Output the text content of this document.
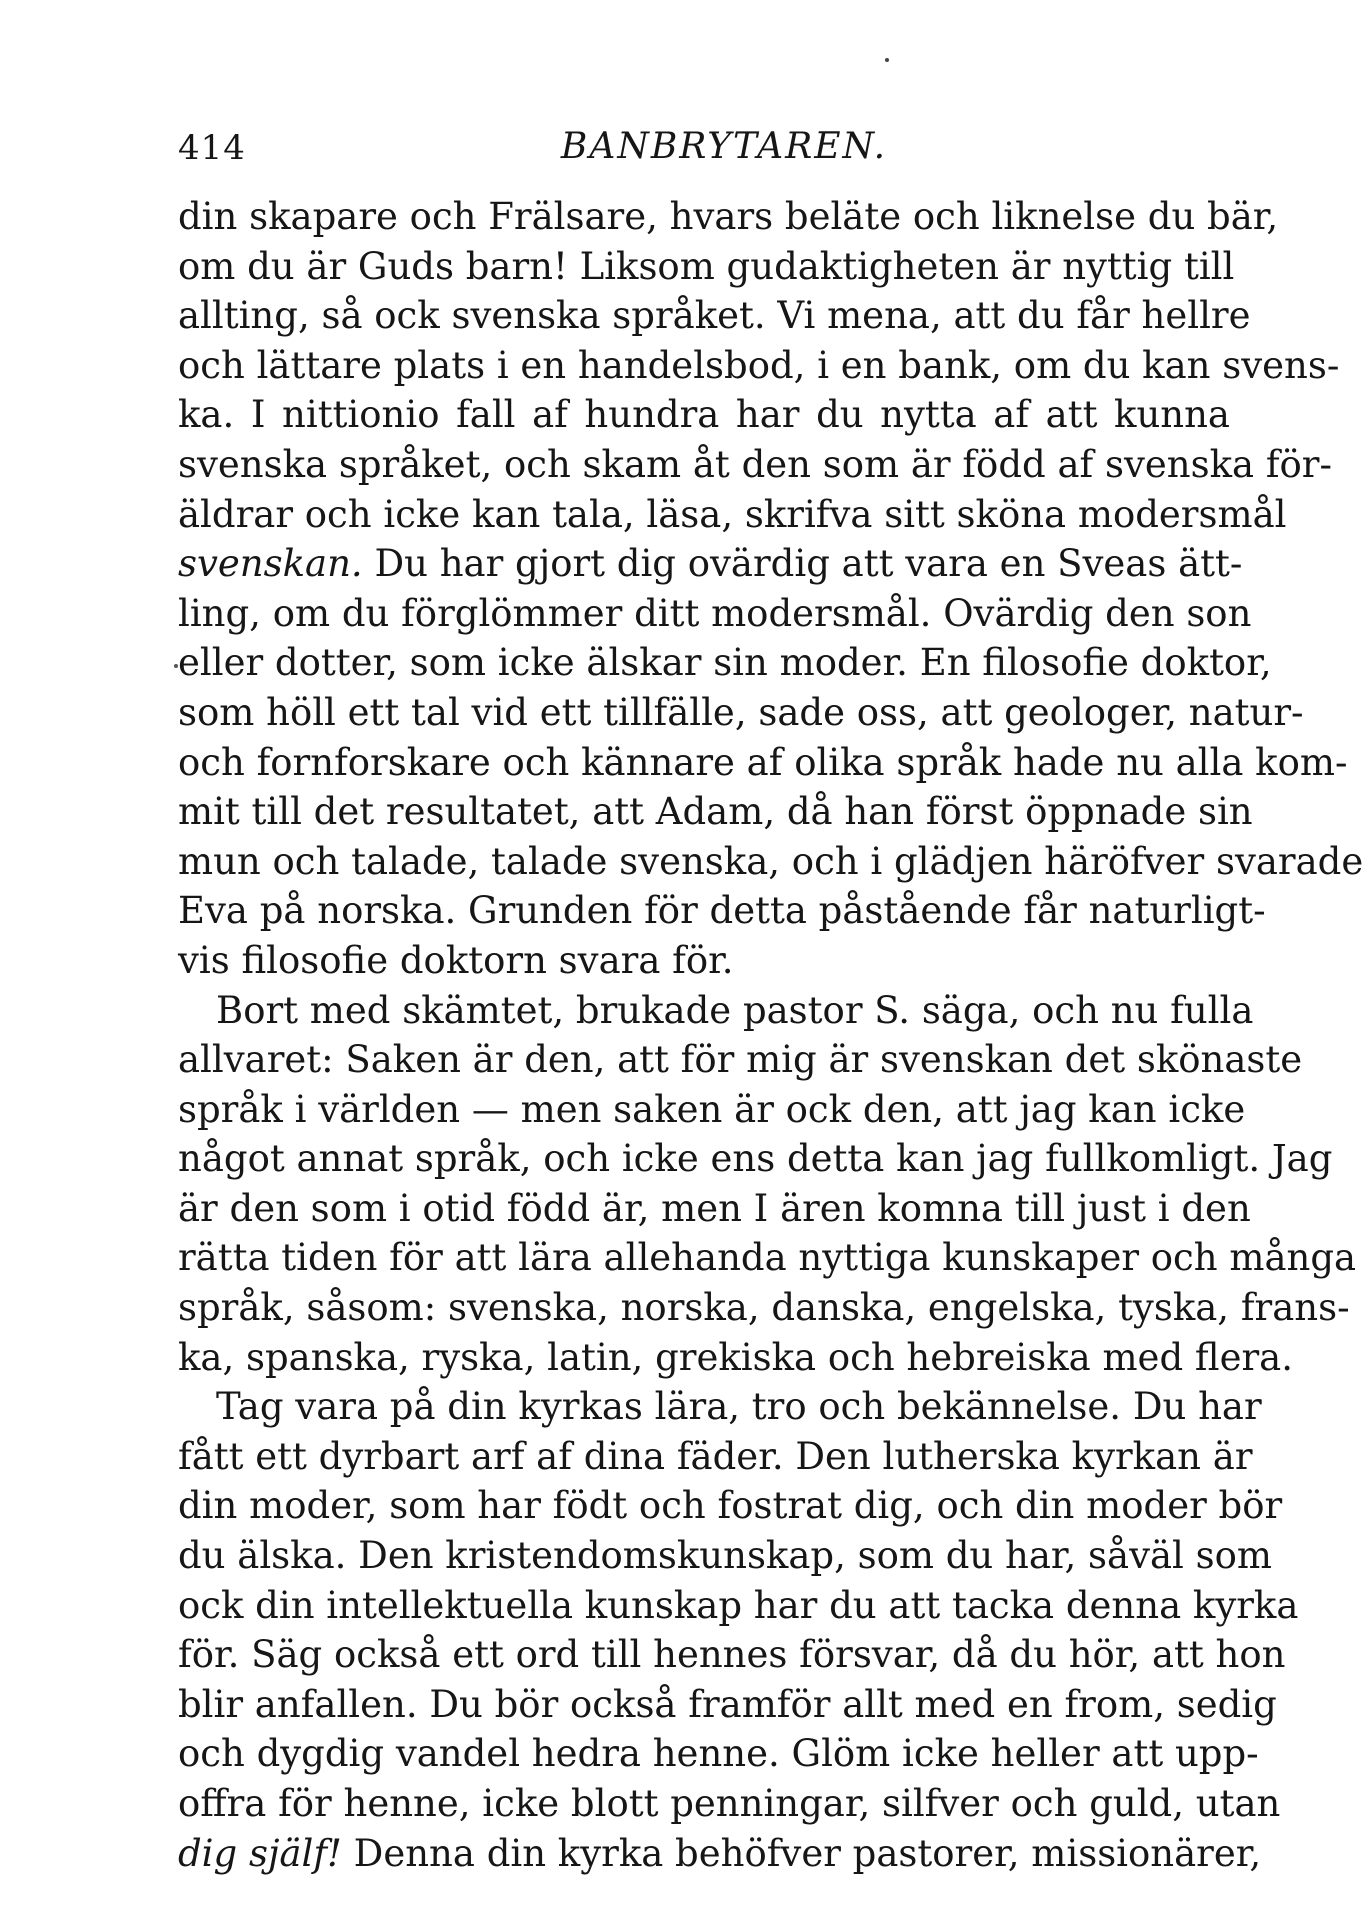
414	BANBRYTAREN.
din skapare och Frälsare, hvars beläte och liknelse du bär,
om du är Guds barn! Liksom gudaktigheten är nyttig till
allting, så ock svenska språket. Vi mena, att du får hellre
och lättare plats i en handelsbod, i en bank, om du kan svens-
ka. I nittionio fall af hundra har du nytta af att kunna
svenska språket, och skam åt den som är född af svenska för-
äldrar och icke kan tala, läsa, skrifva sitt sköna modersmål
svenskan. Du har gjort dig ovärdig att vara en Sveas ätt-
ling, om du förglömmer ditt modersmål. Ovärdig den son
eller dotter, som icke älskar sin moder. En filosofie doktor,
som höll ett tal vid ett tillfälle, sade oss, att geologer, natur-
och fornforskare och kännare af olika språk hade nu alla kom-
mit till det resultatet, att Adam, då han först öppnade sin
mun och talade, talade svenska, och i glädjen häröfver svarade
Eva på norska. Grunden för detta påstående får naturligt-
vis filosofie doktorn svara för.
Bort med skämtet, brukade pastor S. säga, och nu fulla
allvaret: Saken är den, att för mig är svenskan det skönaste
språk i världen — men saken är ock den, att jag kan icke
något annat språk, och icke ens detta kan jag fullkomligt. Jag
är den som i otid född är, men I ären komna till just i den
rätta tiden för att lära allehanda nyttiga kunskaper och många
språk, såsom: svenska, norska, danska, engelska, tyska, frans-
ka, spanska, ryska, latin, grekiska och hebreiska med flera.
Tag vara på din kyrkas lära, tro och bekännelse. Du har
fått ett dyrbart arf af dina fäder. Den lutherska kyrkan är
din moder, som har födt och fostrat dig, och din moder bör
du älska. Den kristendomskunskap, som du har, såväl som
ock din intellektuella kunskap har du att tacka denna kyrka
för. Säg också ett ord till hennes försvar, då du hör, att hon
blir anfallen. Du bör också framför allt med en from, sedig
och dygdig vandel hedra henne. Glöm icke heller att upp-
offra för henne, icke blott penningar, silfver och guld, utan
dig själf! Denna din kyrka behöfver pastorer, missionärer,
